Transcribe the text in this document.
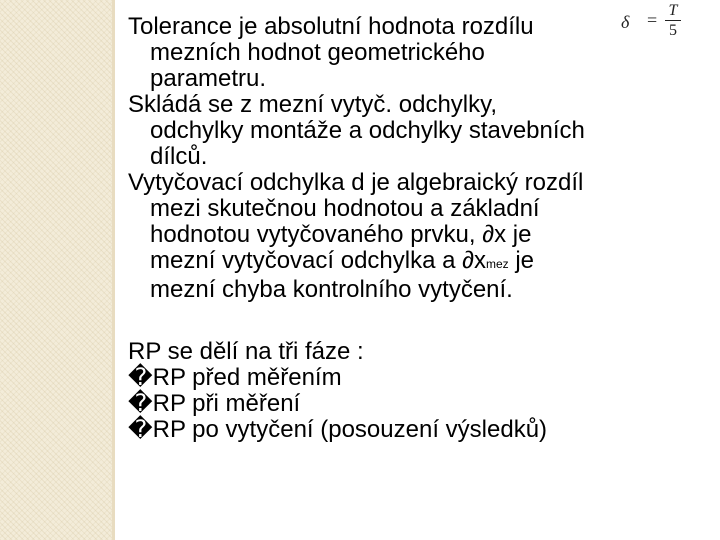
δ = T
5
Tolerance je absolutní hodnota rozdílu
mezních hodnot geometrického
parametru.
Skládá se z mezní vytyč. odchylky,
odchylky montáže a odchylky stavebních
dílců.
Vytyčovací odchylka d je algebraický rozdíl
mezi skutečnou hodnotou a základní
hodnotou vytyčovaného prvku, ∂x je
mezní vytyčovací odchylka a ∂xmez je
mezní chyba kontrolního vytyčení.
RP se dělí na tři fáze :
�RP před měřením
�RP při měření
�RP po vytyčení (posouzení výsledků)
